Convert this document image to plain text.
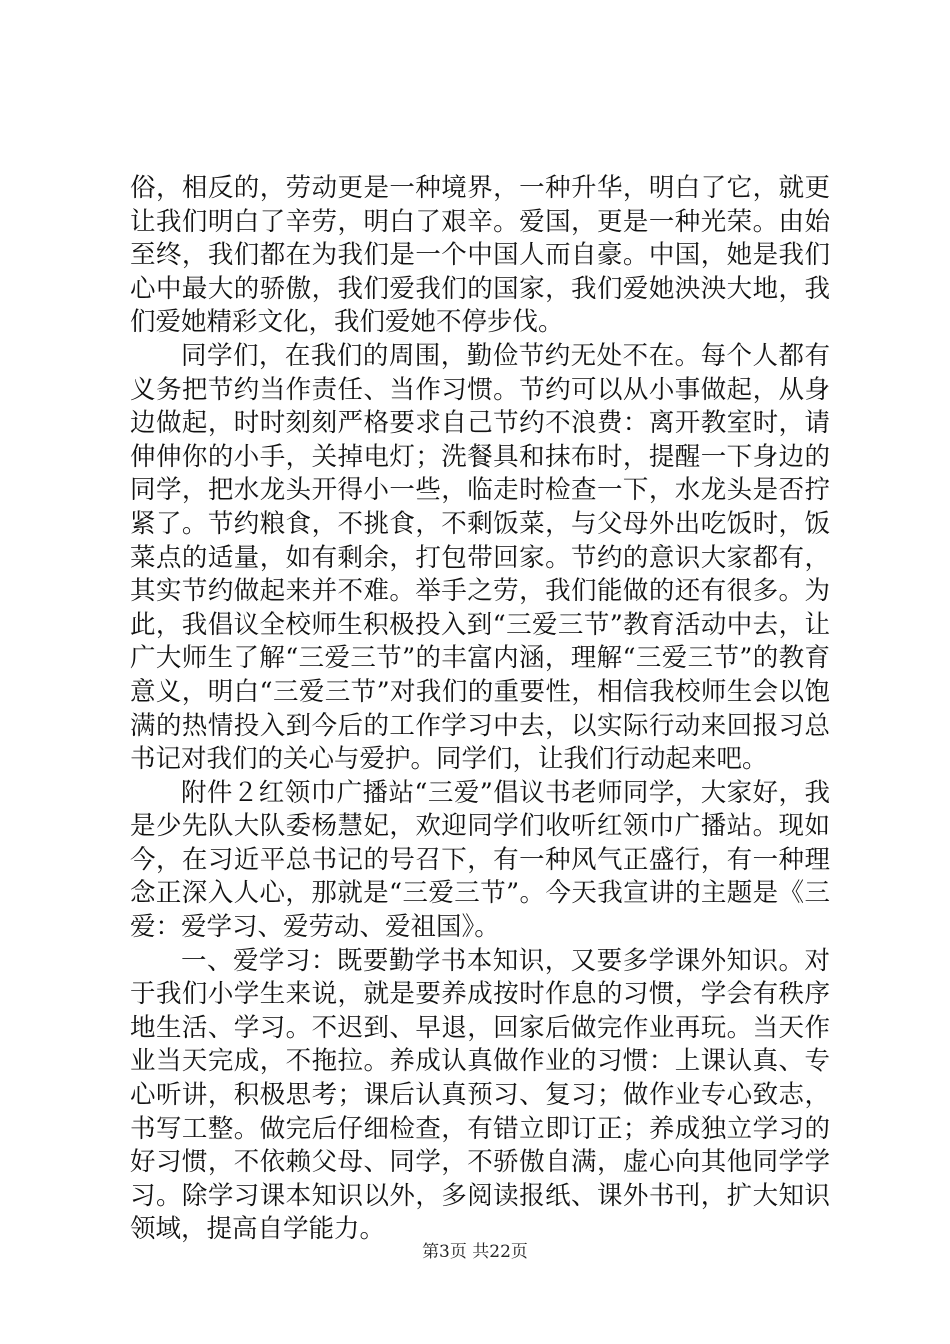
俗，相反的，劳动更是一种境界，一种升华，明白了它，就更让我们明白了辛劳，明白了艰辛。爱国，更是一种光荣。由始至终，我们都在为我们是一个中国人而自豪。中国，她是我们心中最大的骄傲，我们爱我们的国家，我们爱她泱泱大地，我们爱她精彩文化，我们爱她不停步伐。

同学们，在我们的周围，勤俭节约无处不在。每个人都有义务把节约当作责任、当作习惯。节约可以从小事做起，从身边做起，时时刻刻严格要求自己节约不浪费：离开教室时，请伸伸你的小手，关掉电灯；洗餐具和抹布时，提醒一下身边的同学，把水龙头开得小一些，临走时检查一下，水龙头是否拧紧了。节约粮食，不挑食，不剩饭菜，与父母外出吃饭时，饭菜点的适量，如有剩余，打包带回家。节约的意识大家都有，其实节约做起来并不难。举手之劳，我们能做的还有很多。为此，我倡议全校师生积极投入到“三爱三节”教育活动中去，让广大师生了解“三爱三节”的丰富内涵，理解“三爱三节”的教育意义，明白“三爱三节”对我们的重要性，相信我校师生会以饱满的热情投入到今后的工作学习中去，以实际行动来回报习总书记对我们的关心与爱护。同学们，让我们行动起来吧。

附件２红领巾广播站“三爱”倡议书老师同学，大家好，我是少先队大队委杨慧妃，欢迎同学们收听红领巾广播站。现如今，在习近平总书记的号召下，有一种风气正盛行，有一种理念正深入人心，那就是“三爱三节”。今天我宣讲的主题是《三爱：爱学习、爱劳动、爱祖国》。

一、爱学习：既要勤学书本知识，又要多学课外知识。对于我们小学生来说，就是要养成按时作息的习惯，学会有秩序地生活、学习。不迟到、早退，回家后做完作业再玩。当天作业当天完成，不拖拉。养成认真做作业的习惯：上课认真、专心听讲，积极思考；课后认真预习、复习；做作业专心致志，书写工整。做完后仔细检查，有错立即订正；养成独立学习的好习惯，不依赖父母、同学，不骄傲自满，虚心向其他同学学习。除学习课本知识以外，多阅读报纸、课外书刊，扩大知识领域，提高自学能力。

第3页 共22页
